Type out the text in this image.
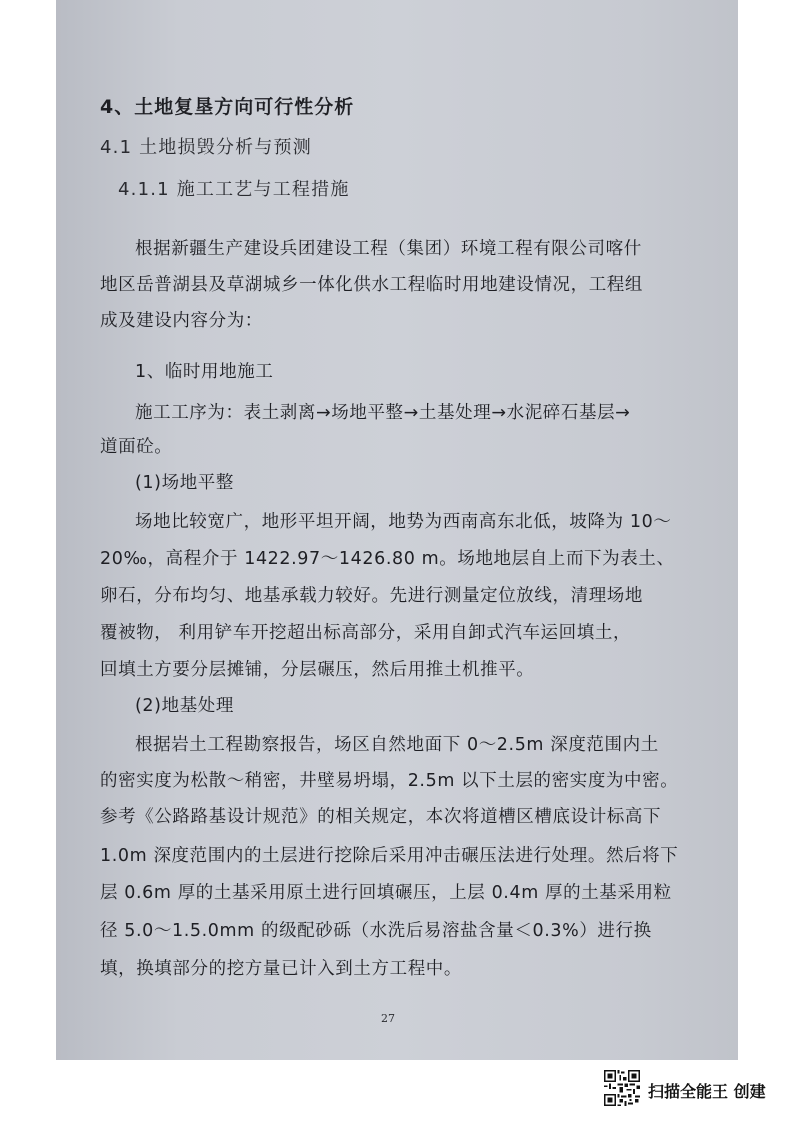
4、土地复垦方向可行性分析

4.1 土地损毁分析与预测

4.1.1 施工工艺与工程措施

根据新疆生产建设兵团建设工程（集团）环境工程有限公司喀什

地区岳普湖县及草湖城乡一体化供水工程临时用地建设情况，工程组

成及建设内容分为：

1、临时用地施工

施工工序为：表土剥离→场地平整→土基处理→水泥碎石基层→

道面砼。

(1)场地平整

场地比较宽广，地形平坦开阔，地势为西南高东北低，坡降为 10～

20‰，高程介于 1422.97～1426.80 m。场地地层自上而下为表土、

卵石，分布均匀、地基承载力较好。先进行测量定位放线，清理场地

覆被物， 利用铲车开挖超出标高部分，采用自卸式汽车运回填土，

回填土方要分层摊铺，分层碾压，然后用推土机推平。

(2)地基处理

根据岩土工程勘察报告，场区自然地面下 0～2.5m 深度范围内土

的密实度为松散～稍密，井壁易坍塌，2.5m 以下土层的密实度为中密。

参考《公路路基设计规范》的相关规定，本次将道槽区槽底设计标高下

1.0m 深度范围内的土层进行挖除后采用冲击碾压法进行处理。然后将下

层 0.6m 厚的土基采用原土进行回填碾压，上层 0.4m 厚的土基采用粒

径 5.0～1.5.0mm 的级配砂砾（水洗后易溶盐含量＜0.3%）进行换

填，换填部分的挖方量已计入到土方工程中。

27

扫描全能王 创建
